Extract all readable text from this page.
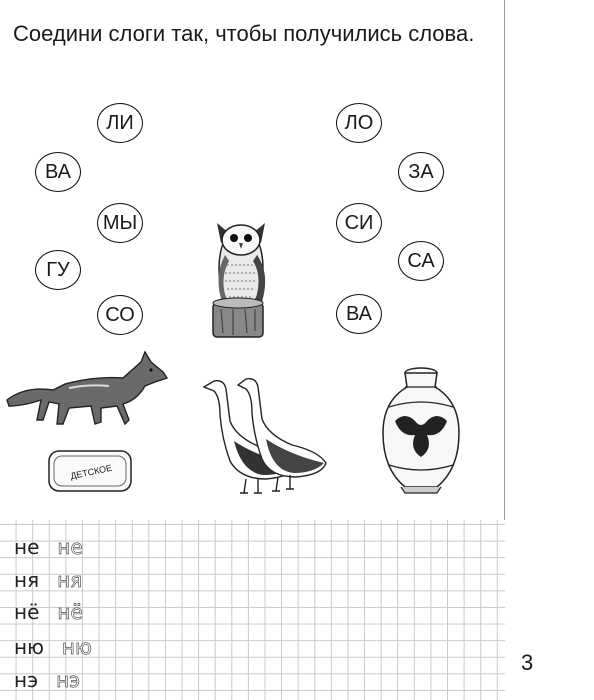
Соедини слоги так, чтобы получились слова.
ЛИ
ВА
МЫ
ГУ
СО
ЛО
ЗА
СИ
СА
ВА
ДЕТСКОЕ
не не
ня ня
нё нё
ню ню
нэ нэ
3
